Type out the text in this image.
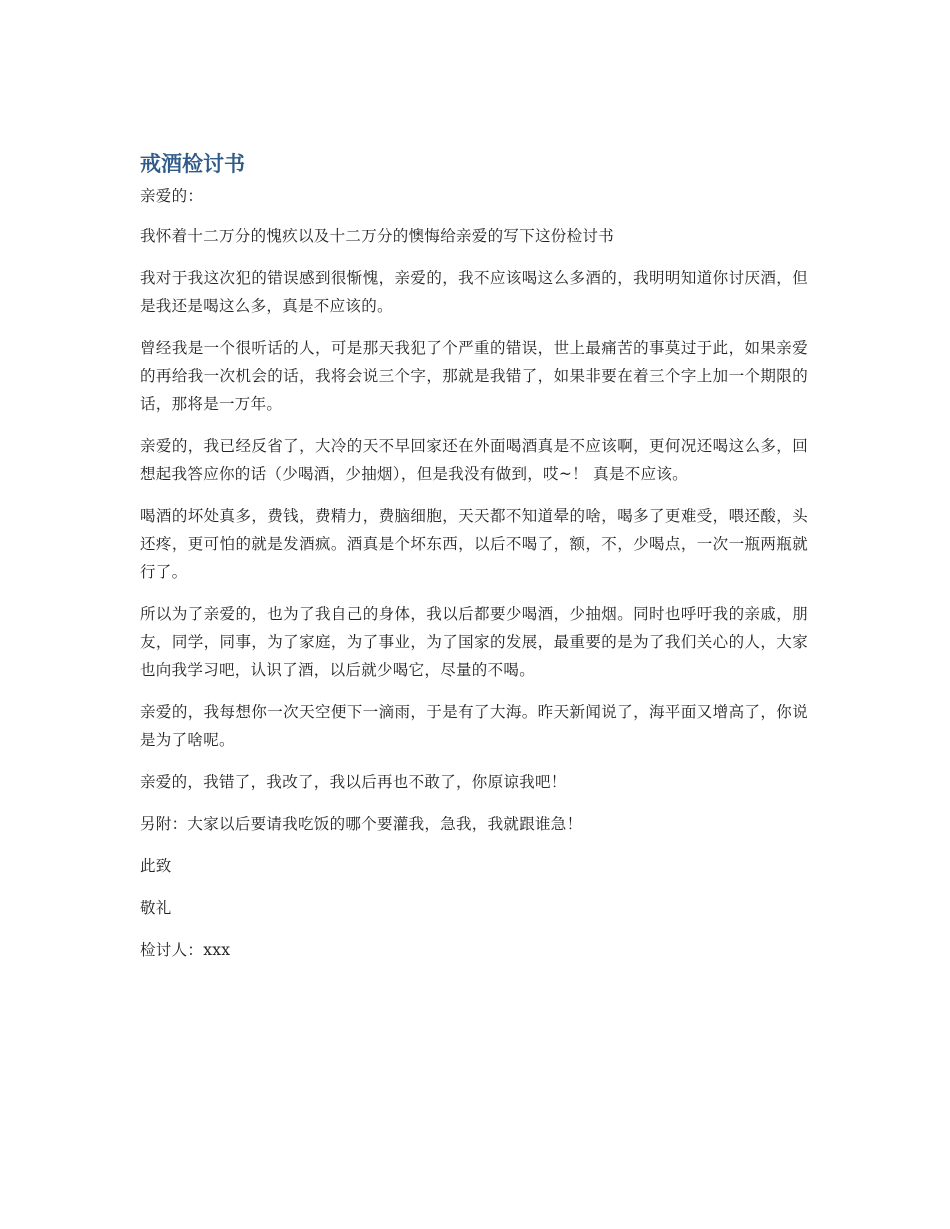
戒酒检讨书

亲爱的：

我怀着十二万分的愧疚以及十二万分的懊悔给亲爱的写下这份检讨书

我对于我这次犯的错误感到很惭愧，亲爱的，我不应该喝这么多酒的，我明明知道你讨厌酒，但是我还是喝这么多，真是不应该的。

曾经我是一个很听话的人，可是那天我犯了个严重的错误，世上最痛苦的事莫过于此，如果亲爱的再给我一次机会的话，我将会说三个字，那就是我错了，如果非要在着三个字上加一个期限的话，那将是一万年。

亲爱的，我已经反省了，大冷的天不早回家还在外面喝酒真是不应该啊，更何况还喝这么多，回想起我答应你的话（少喝酒，少抽烟），但是我没有做到，哎~！ 真是不应该。

喝酒的坏处真多，费钱，费精力，费脑细胞，天天都不知道晕的啥，喝多了更难受，喂还酸，头还疼，更可怕的就是发酒疯。酒真是个坏东西，以后不喝了，额，不，少喝点，一次一瓶两瓶就行了。

所以为了亲爱的，也为了我自己的身体，我以后都要少喝酒，少抽烟。同时也呼吁我的亲戚，朋友，同学，同事，为了家庭，为了事业，为了国家的发展，最重要的是为了我们关心的人，大家也向我学习吧，认识了酒，以后就少喝它，尽量的不喝。

亲爱的，我每想你一次天空便下一滴雨，于是有了大海。昨天新闻说了，海平面又增高了，你说是为了啥呢。

亲爱的，我错了，我改了，我以后再也不敢了，你原谅我吧！

另附：大家以后要请我吃饭的哪个要灌我，急我，我就跟谁急！

此致

敬礼

检讨人：xxx
